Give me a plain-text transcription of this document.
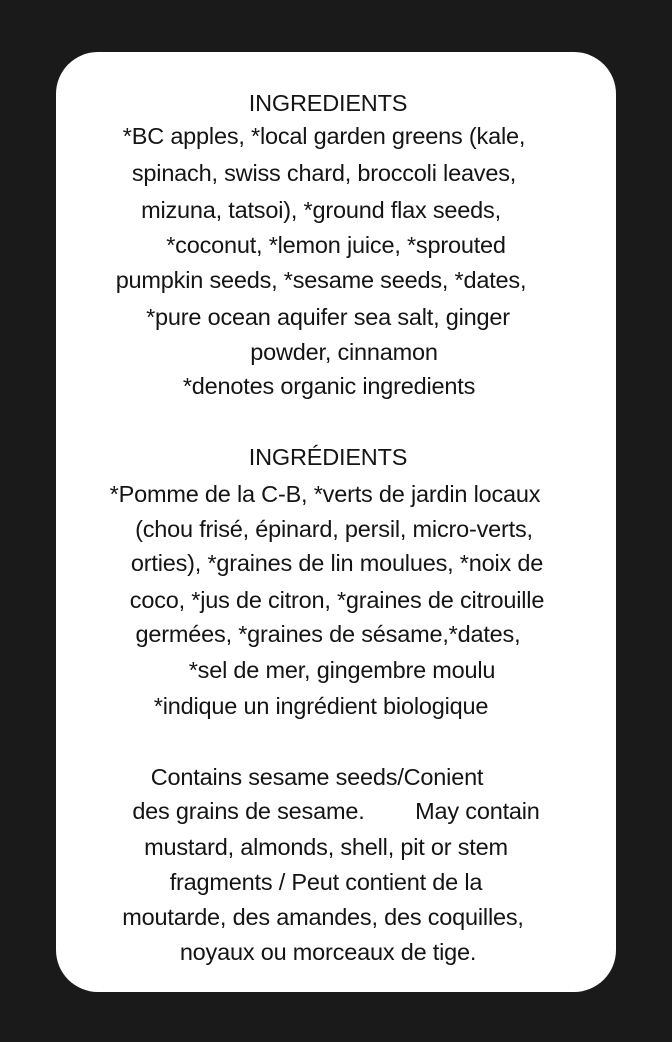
INGREDIENTS
*BC apples, *local garden greens (kale,
spinach, swiss chard, broccoli leaves,
mizuna, tatsoi), *ground flax seeds,
*coconut, *lemon juice, *sprouted
pumpkin seeds, *sesame seeds, *dates,
*pure ocean aquifer sea salt, ginger
powder, cinnamon
*denotes organic ingredients
INGRÉDIENTS
*Pomme de la C-B, *verts de jardin locaux
(chou frisé, épinard, persil, micro-verts,
orties), *graines de lin moulues, *noix de
coco, *jus de citron, *graines de citrouille
germées, *graines de sésame,*dates,
*sel de mer, gingembre moulu
*indique un ingrédient biologique
Contains sesame seeds/Conient
des grains de sesame.        May contain
mustard, almonds, shell, pit or stem
fragments / Peut contient de la
moutarde, des amandes, des coquilles,
noyaux ou morceaux de tige.
